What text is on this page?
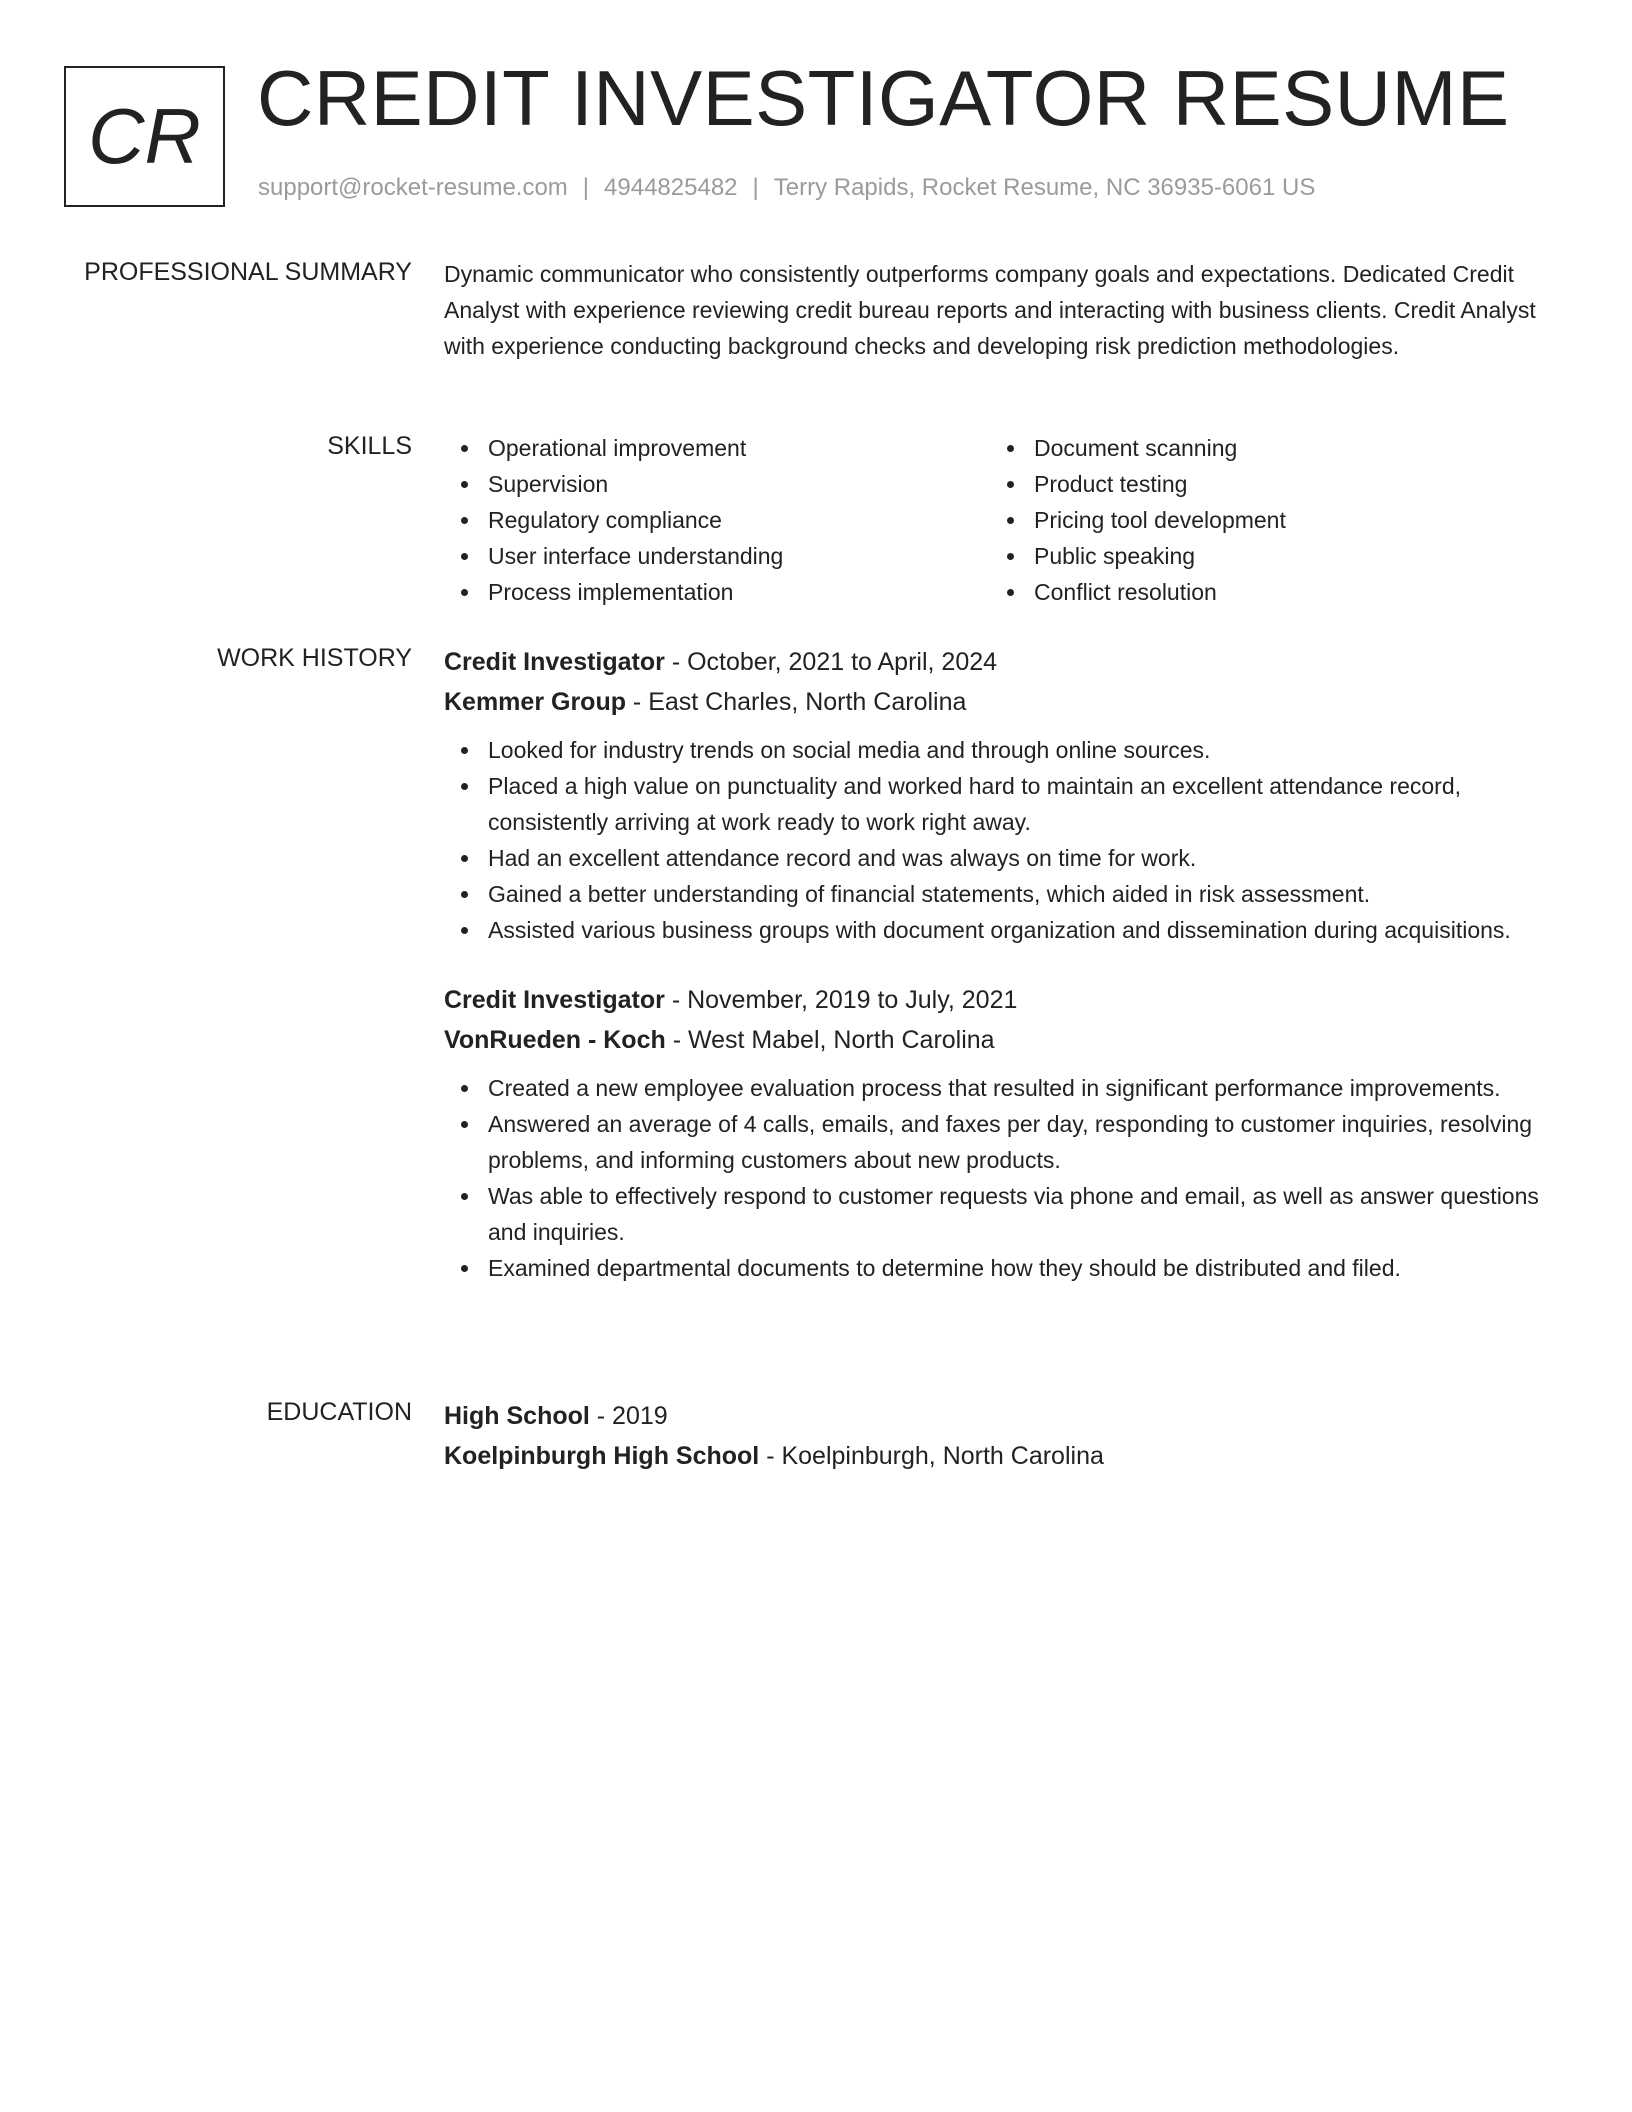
CR CREDIT INVESTIGATOR RESUME
support@rocket-resume.com | 4944825482 | Terry Rapids, Rocket Resume, NC 36935-6061 US
PROFESSIONAL SUMMARY Dynamic communicator who consistently outperforms company goals and expectations. Dedicated Credit Analyst with experience reviewing credit bureau reports and interacting with business clients. Credit Analyst with experience conducting background checks and developing risk prediction methodologies.

SKILLS	Operational improvement
Supervision
Regulatory compliance
User interface understanding
Process implementation
Document scanning
Product testing
Pricing tool development
Public speaking
Conflict resolution
WORK HISTORY Credit Investigator - October, 2021 to April, 2024
Kemmer Group - East Charles, North Carolina
Looked for industry trends on social media and through online sources.
Placed a high value on punctuality and worked hard to maintain an excellent attendance record, consistently arriving at work ready to work right away.
Had an excellent attendance record and was always on time for work.
Gained a better understanding of financial statements, which aided in risk assessment.
Assisted various business groups with document organization and dissemination during acquisitions.
Credit Investigator - November, 2019 to July, 2021
VonRueden - Koch - West Mabel, North Carolina
Created a new employee evaluation process that resulted in significant performance improvements.
Answered an average of 4 calls, emails, and faxes per day, responding to customer inquiries, resolving problems, and informing customers about new products.
Was able to effectively respond to customer requests via phone and email, as well as answer questions and inquiries.
Examined departmental documents to determine how they should be distributed and filed.
EDUCATION High School - 2019
Koelpinburgh High School - Koelpinburgh, North Carolina
